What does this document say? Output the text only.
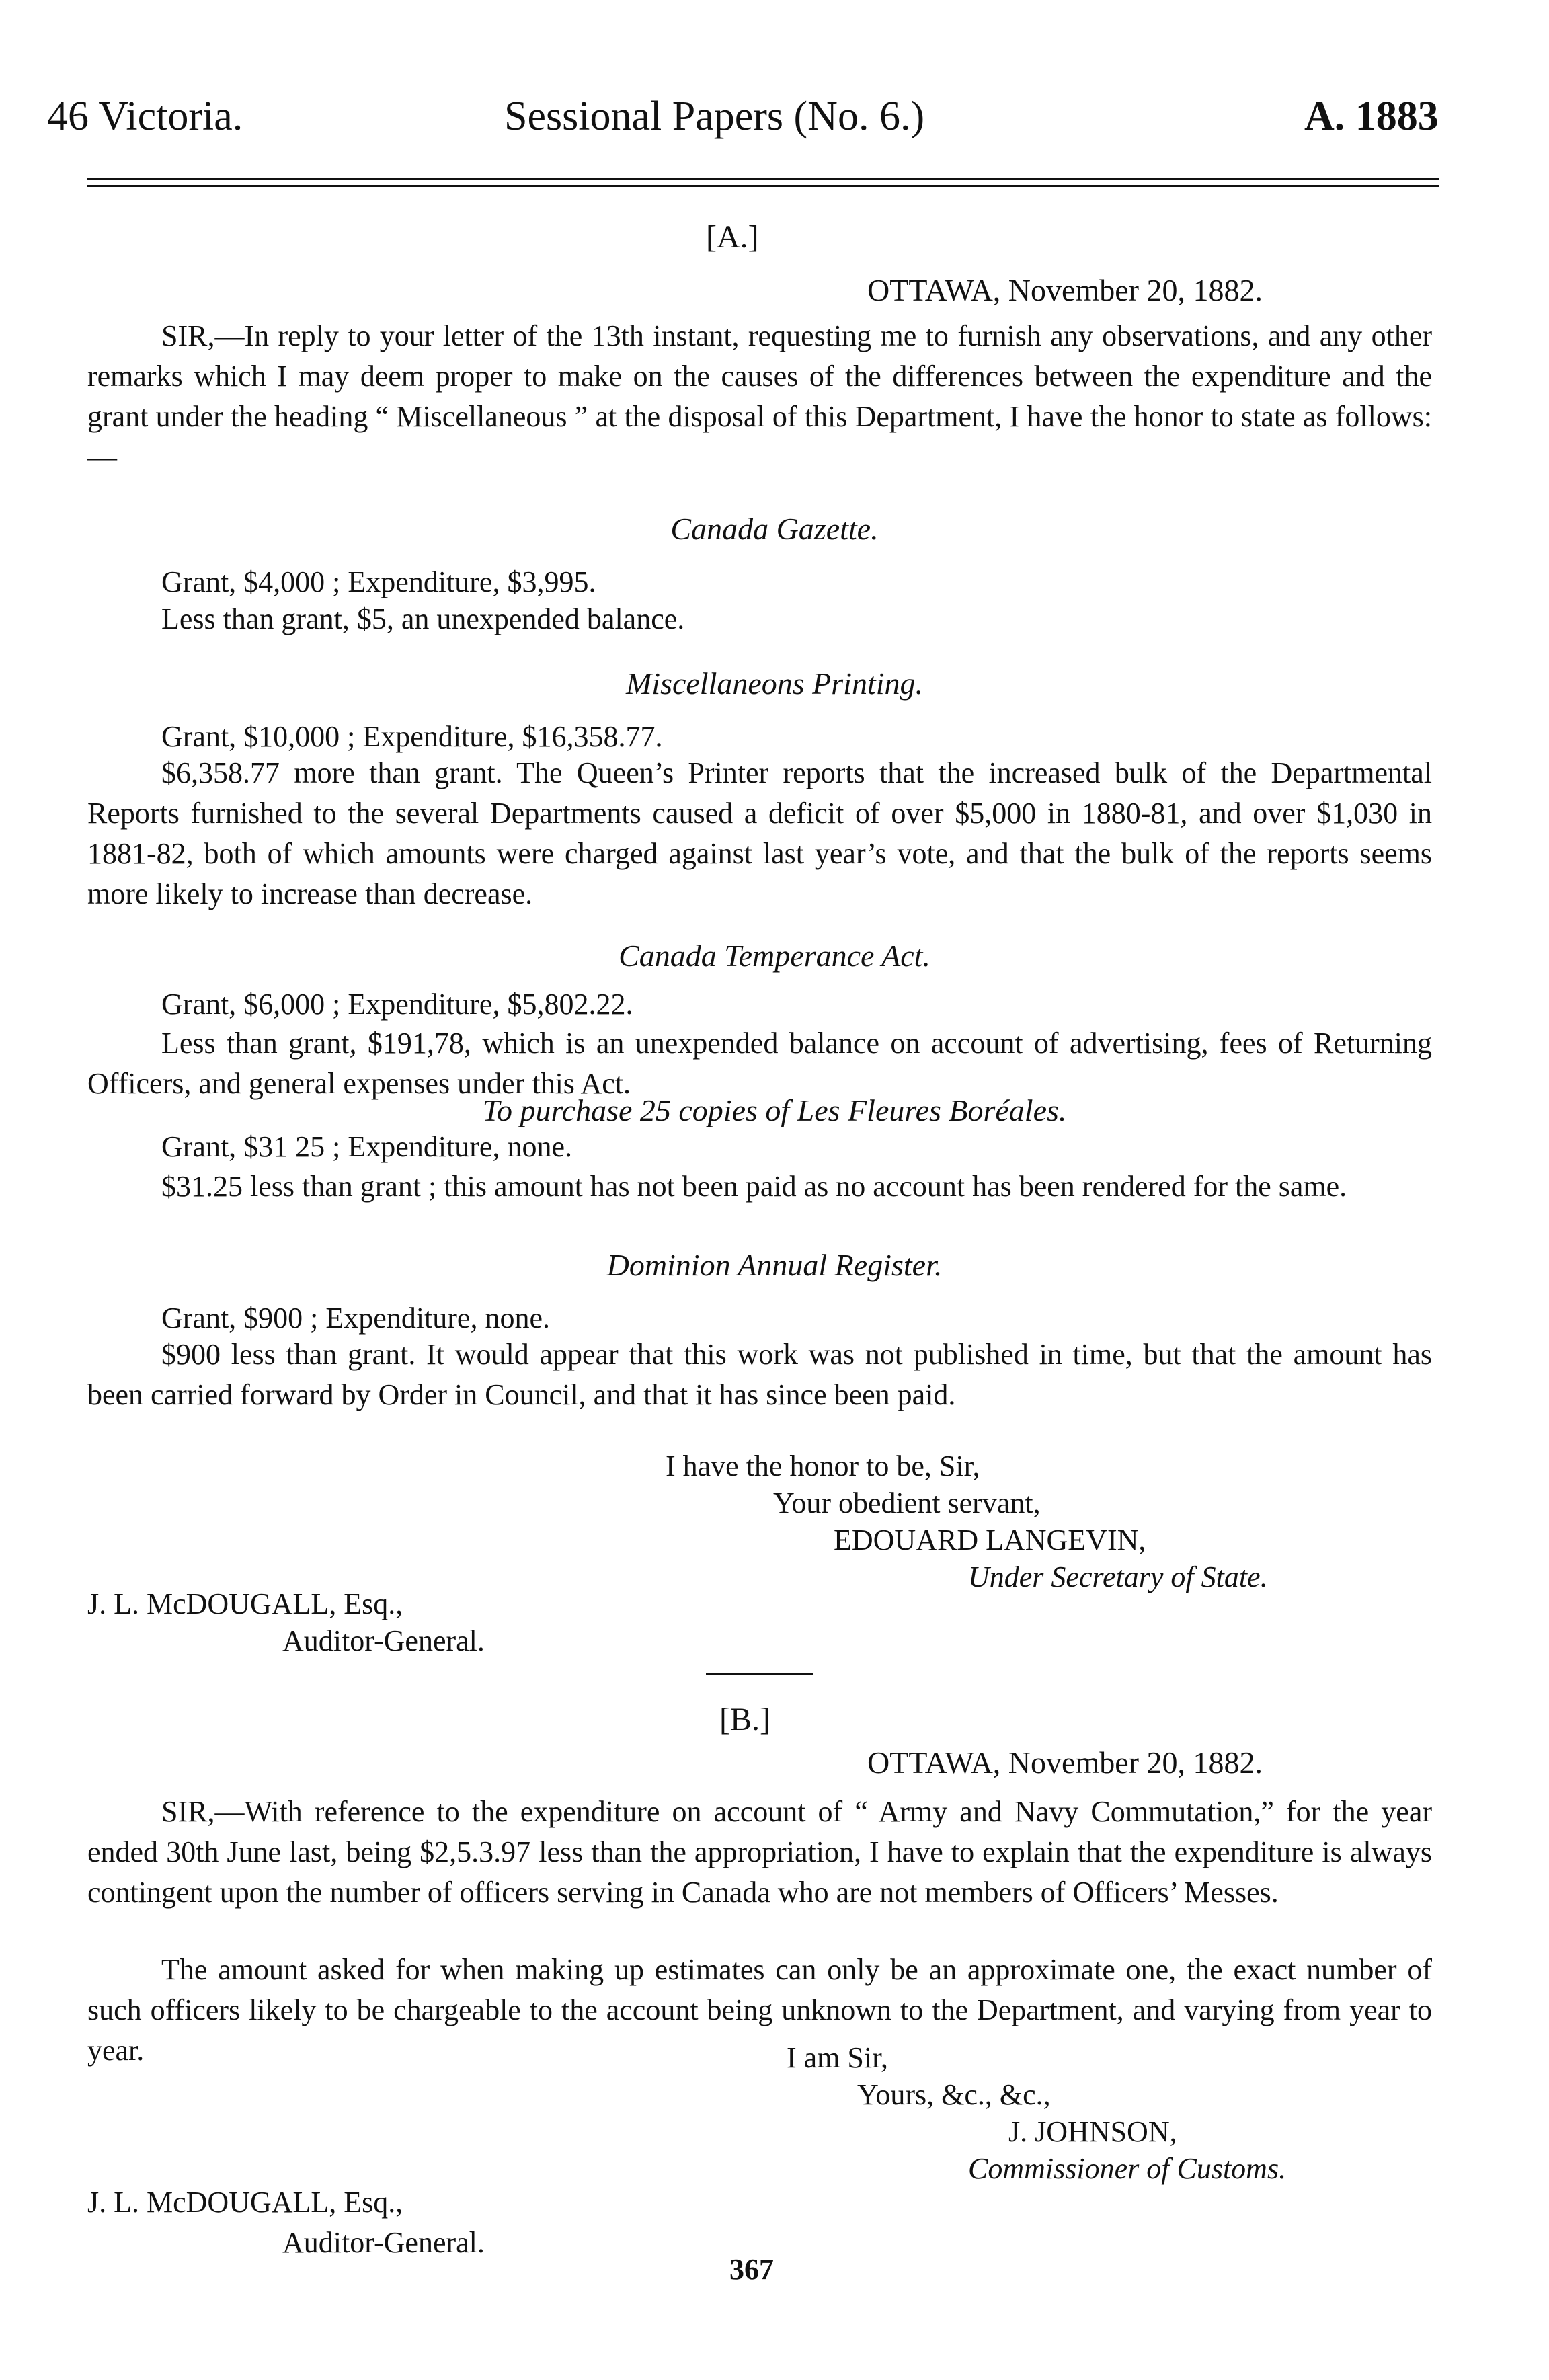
46 Victoria.	Sessional Papers (No. 6.)	A. 1883
[A.]
OTTAWA, November 20, 1882.
SIR,—In reply to your letter of the 13th instant, requesting me to furnish any observations, and any other remarks which I may deem proper to make on the causes of the differences between the expenditure and the grant under the heading “ Miscellaneous ” at the disposal of this Department, I have the honor to state as follows:—
Canada Gazette.
Grant, $4,000 ; Expenditure, $3,995.
Less than grant, $5, an unexpended balance.
Miscellaneons Printing.
Grant, $10,000 ; Expenditure, $16,358.77.
$6,358.77 more than grant. The Queen’s Printer reports that the increased bulk of the Departmental Reports furnished to the several Departments caused a deficit of over $5,000 in 1880-81, and over $1,030 in 1881-82, both of which amounts were charged against last year’s vote, and that the bulk of the reports seems more likely to increase than decrease.
Canada Temperance Act.
Grant, $6,000 ; Expenditure, $5,802.22.
Less than grant, $191,78, which is an unexpended balance on account of advertising, fees of Returning Officers, and general expenses under this Act.
To purchase 25 copies of Les Fleures Boréales.
Grant, $31 25 ; Expenditure, none.
$31.25 less than grant ; this amount has not been paid as no account has been rendered for the same.
Dominion Annual Register.
Grant, $900 ; Expenditure, none.
$900 less than grant. It would appear that this work was not published in time, but that the amount has been carried forward by Order in Council, and that it has since been paid.
I have the honor to be, Sir,
Your obedient servant,
EDOUARD LANGEVIN,
Under Secretary of State.
J. L. McDOUGALL, Esq.,
Auditor-General.
[B.]
OTTAWA, November 20, 1882.
SIR,—With reference to the expenditure on account of “ Army and Navy Commutation,” for the year ended 30th June last, being $2,5.3.97 less than the appropriation, I have to explain that the expenditure is always contingent upon the number of officers serving in Canada who are not members of Officers’ Messes.
The amount asked for when making up estimates can only be an approximate one, the exact number of such officers likely to be chargeable to the account being unknown to the Department, and varying from year to year.	I am Sir,
Yours, &c., &c.,
J. JOHNSON,
Commissioner of Customs.
J. L. McDOUGALL, Esq.,
Auditor-General.
367
